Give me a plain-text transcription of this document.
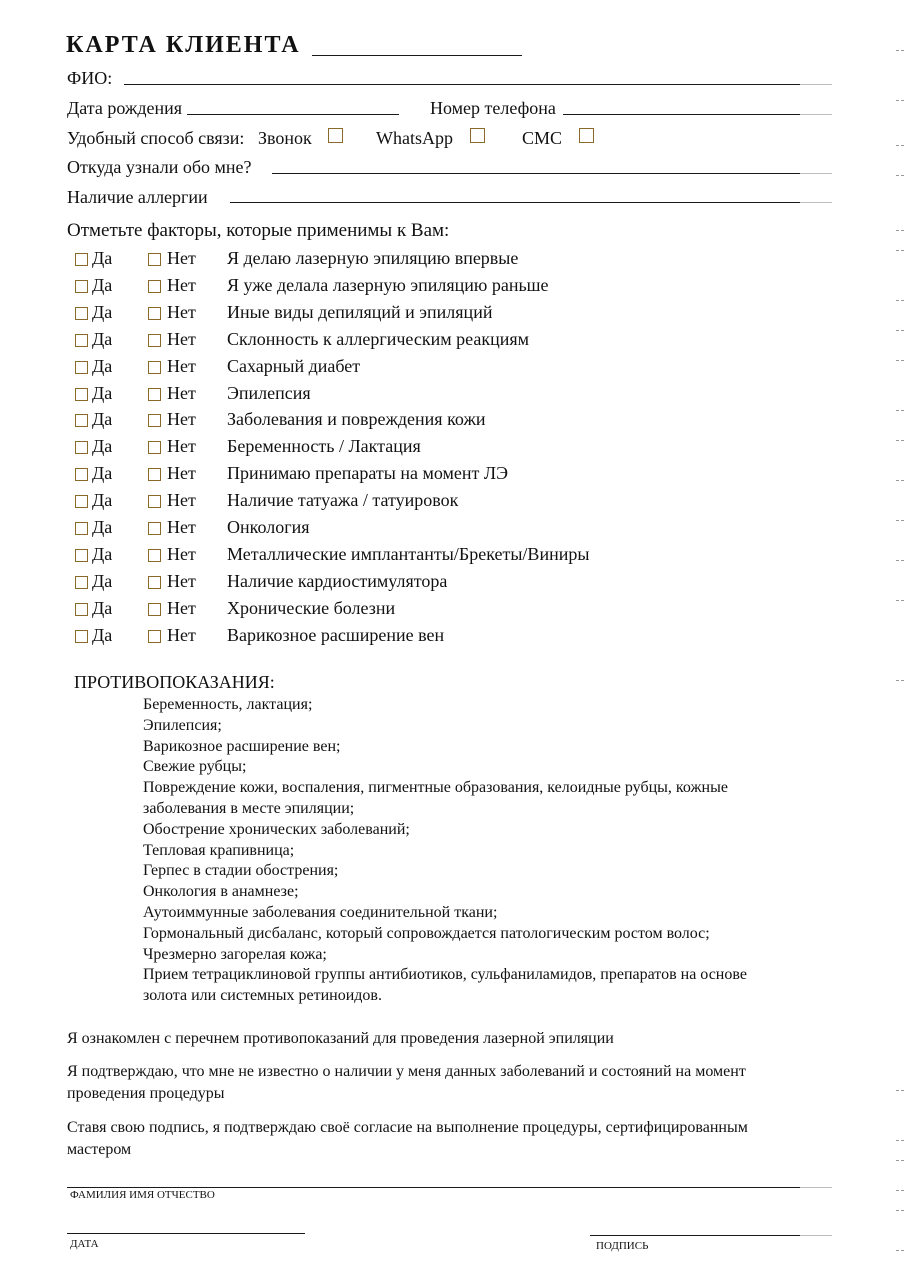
КАРТА КЛИЕНТА
ФИО:
Дата рождения	Номер телефона
Удобный способ связи: Звонок	WhatsApp	СМС
Откуда узнали обо мне?
Наличие аллергии
Отметьте факторы, которые применимы к Вам:
Да	Нет Я делаю лазерную эпиляцию впервые
Да	Нет Я уже делала лазерную эпиляцию раньше
Да	Нет Иные виды депиляций и эпиляций
Да	Нет Склонность к аллергическим реакциям
Да	Нет Сахарный диабет
Да	Нет Эпилепсия
Да	Нет Заболевания и повреждения кожи
Да	Нет Беременность / Лактация
Да	Нет Принимаю препараты на момент ЛЭ
Да	Нет Наличие татуажа / татуировок
Да	Нет Онкология
Да	Нет Металлические имплантанты/Брекеты/Виниры
Да	Нет Наличие кардиостимулятора
Да	Нет Хронические болезни
Да	Нет Варикозное расширение вен
ПРОТИВОПОКАЗАНИЯ:
Беременность, лактация;
Эпилепсия;
Варикозное расширение вен;
Свежие рубцы;
Повреждение кожи, воспаления, пигментные образования, келоидные рубцы, кожные
заболевания в месте эпиляции;
Обострение хронических заболеваний;
Тепловая крапивница;
Герпес в стадии обострения;
Онкология в анамнезе;
Аутоиммунные заболевания соединительной ткани;
Гормональный дисбаланс, который сопровождается патологическим ростом волос;
Чрезмерно загорелая кожа;
Прием тетрациклиновой группы антибиотиков, сульфаниламидов, препаратов на основе
золота или системных ретиноидов.
Я ознакомлен с перечнем противопоказаний для проведения лазерной эпиляции
Я подтверждаю, что мне не известно о наличии у меня данных заболеваний и состояний на момент
проведения процедуры
Ставя свою подпись, я подтверждаю своё согласие на выполнение процедуры, сертифицированным
мастером
ФАМИЛИЯ ИМЯ ОТЧЕСТВО
ДАТА	ПОДПИСЬ
